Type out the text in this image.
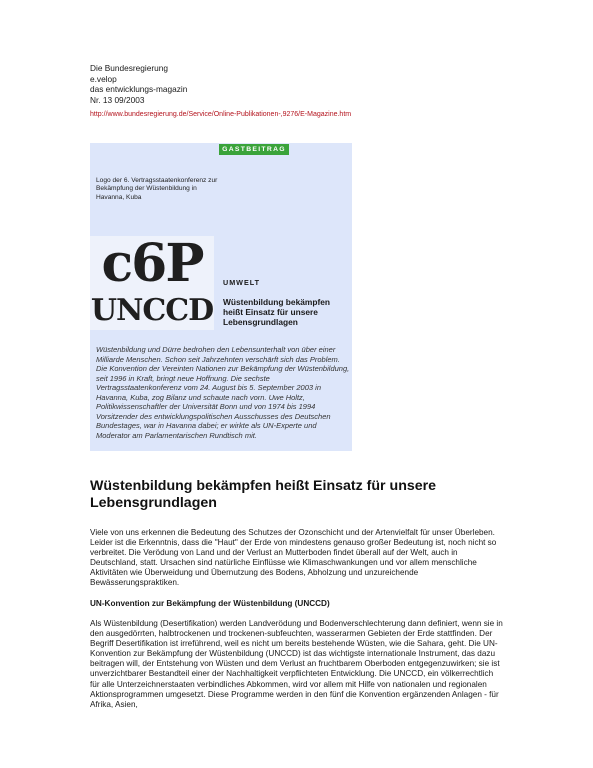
Die Bundesregierung
e.velop
das entwicklungs-magazin
Nr. 13 09/2003
http://www.bundesregierung.de/Service/Online-Publikationen-,9276/E-Magazine.htm
GASTBEITRAG
Logo der 6. Vertragsstaatenkonferenz zur Bekämpfung der Wüstenbildung in Havanna, Kuba
c6P
UNCCD
UMWELT
Wüstenbildung bekämpfen heißt Einsatz für unsere Lebensgrundlagen
Wüstenbildung und Dürre bedrohen den Lebensunterhalt von über einer Milliarde Menschen. Schon seit Jahrzehnten verschärft sich das Problem. Die Konvention der Vereinten Nationen zur Bekämpfung der Wüstenbildung, seit 1996 in Kraft, bringt neue Hoffnung. Die sechste Vertragsstaatenkonferenz vom 24. August bis 5. September 2003 in Havanna, Kuba, zog Bilanz und schaute nach vorn. Uwe Holtz, Politikwissenschaftler der Universität Bonn und von 1974 bis 1994 Vorsitzender des entwicklungspolitischen Ausschusses des Deutschen Bundestages, war in Havanna dabei; er wirkte als UN-Experte und Moderator am Parlamentarischen Rundtisch mit.
Wüstenbildung bekämpfen heißt Einsatz für unsere Lebensgrundlagen
Viele von uns erkennen die Bedeutung des Schutzes der Ozonschicht und der Artenvielfalt für unser Überleben. Leider ist die Erkenntnis, dass die "Haut" der Erde von mindestens genauso großer Bedeutung ist, noch nicht so verbreitet. Die Verödung von Land und der Verlust an Mutterboden findet überall auf der Welt, auch in Deutschland, statt. Ursachen sind natürliche Einflüsse wie Klimaschwankungen und vor allem menschliche Aktivitäten wie Überweidung und Übernutzung des Bodens, Abholzung und unzureichende Bewässerungspraktiken.
UN-Konvention zur Bekämpfung der Wüstenbildung (UNCCD)
Als Wüstenbildung (Desertifikation) werden Landverödung und Bodenverschlechterung dann definiert, wenn sie in den ausgedörrten, halbtrockenen und trockenen-subfeuchten, wasserarmen Gebieten der Erde stattfinden. Der Begriff Desertifikation ist irreführend, weil es nicht um bereits bestehende Wüsten, wie die Sahara, geht. Die UN-Konvention zur Bekämpfung der Wüstenbildung (UNCCD) ist das wichtigste internationale Instrument, das dazu beitragen will, der Entstehung von Wüsten und dem Verlust an fruchtbarem Oberboden entgegenzuwirken; sie ist unverzichtbarer Bestandteil einer der Nachhaltigkeit verpflichteten Entwicklung. Die UNCCD, ein völkerrechtlich für alle Unterzeichnerstaaten verbindliches Abkommen, wird vor allem mit Hilfe von nationalen und regionalen Aktionsprogrammen umgesetzt. Diese Programme werden in den fünf die Konvention ergänzenden Anlagen - für Afrika, Asien,
